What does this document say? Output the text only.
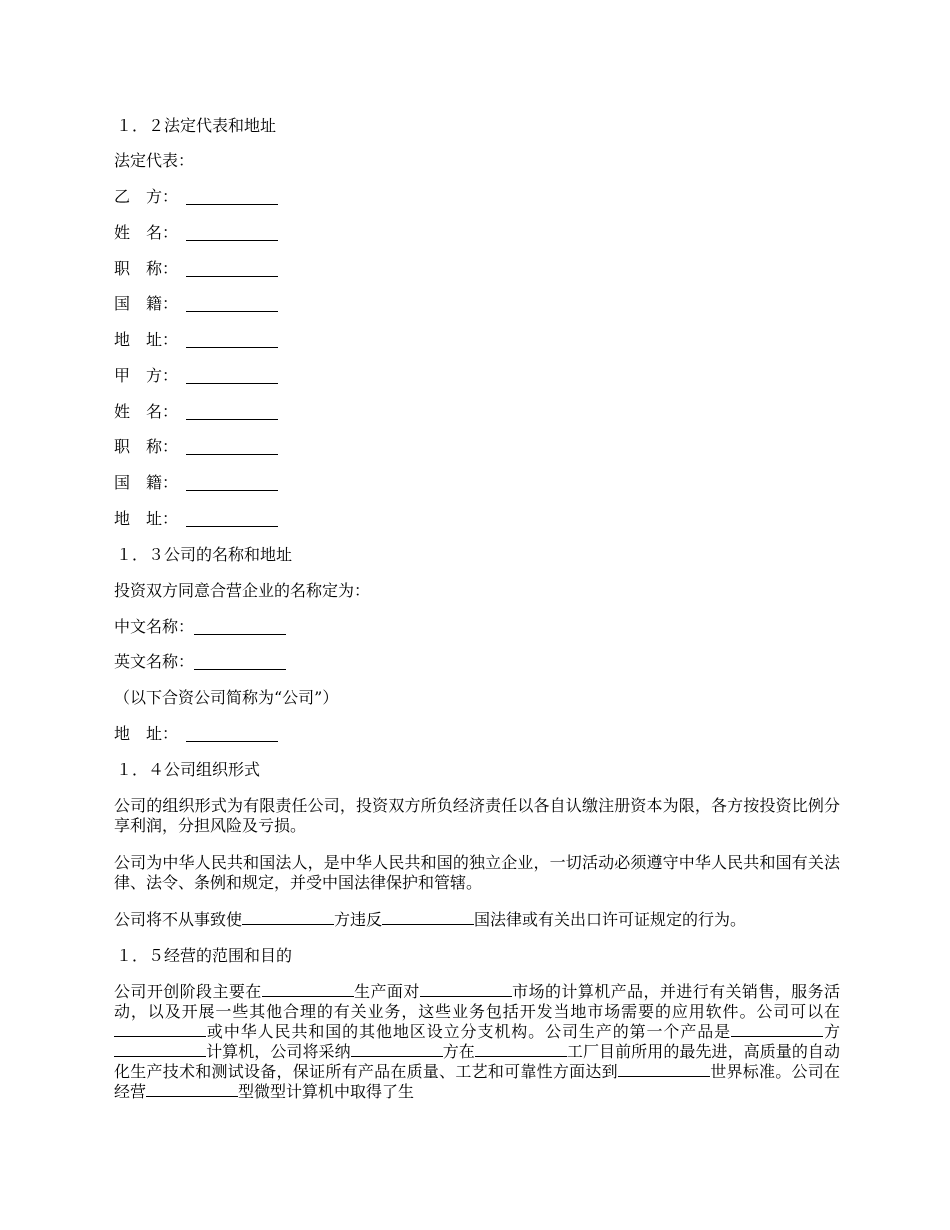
１．２法定代表和地址
法定代表：
乙　方：
姓　名：
职　称：
国　籍：
地　址：
甲　方：
姓　名：
职　称：
国　籍：
地　址：
１．３公司的名称和地址
投资双方同意合营企业的名称定为：
中文名称：
英文名称：
（以下合资公司简称为“公司”）
地　址：
１．４公司组织形式
公司的组织形式为有限责任公司，投资双方所负经济责任以各自认缴注册资本为限，各方按投资比例分享利润，分担风险及亏损。
公司为中华人民共和国法人，是中华人民共和国的独立企业，一切活动必须遵守中华人民共和国有关法律、法令、条例和规定，并受中国法律保护和管辖。
公司将不从事致使	方违反	国法律或有关出口许可证规定的行为。
１．５经营的范围和目的
公司开创阶段主要在	生产面对	市场的计算机产品，并进行有关销售，服务活动，以及开展一些其他合理的有关业务，这些业务包括开发当地市场需要的应用软件。公司可以在或中华人民共和国的其他地区设立分支机构。公司生产的第一个产品是	方计算机，公司将采纳	方在	工厂目前所用的最先进，高质量的自动化生产技术和测试设备，保证所有产品在质量、工艺和可靠性方面达到	世界标准。公司在经营	型微型计算机中取得了生
